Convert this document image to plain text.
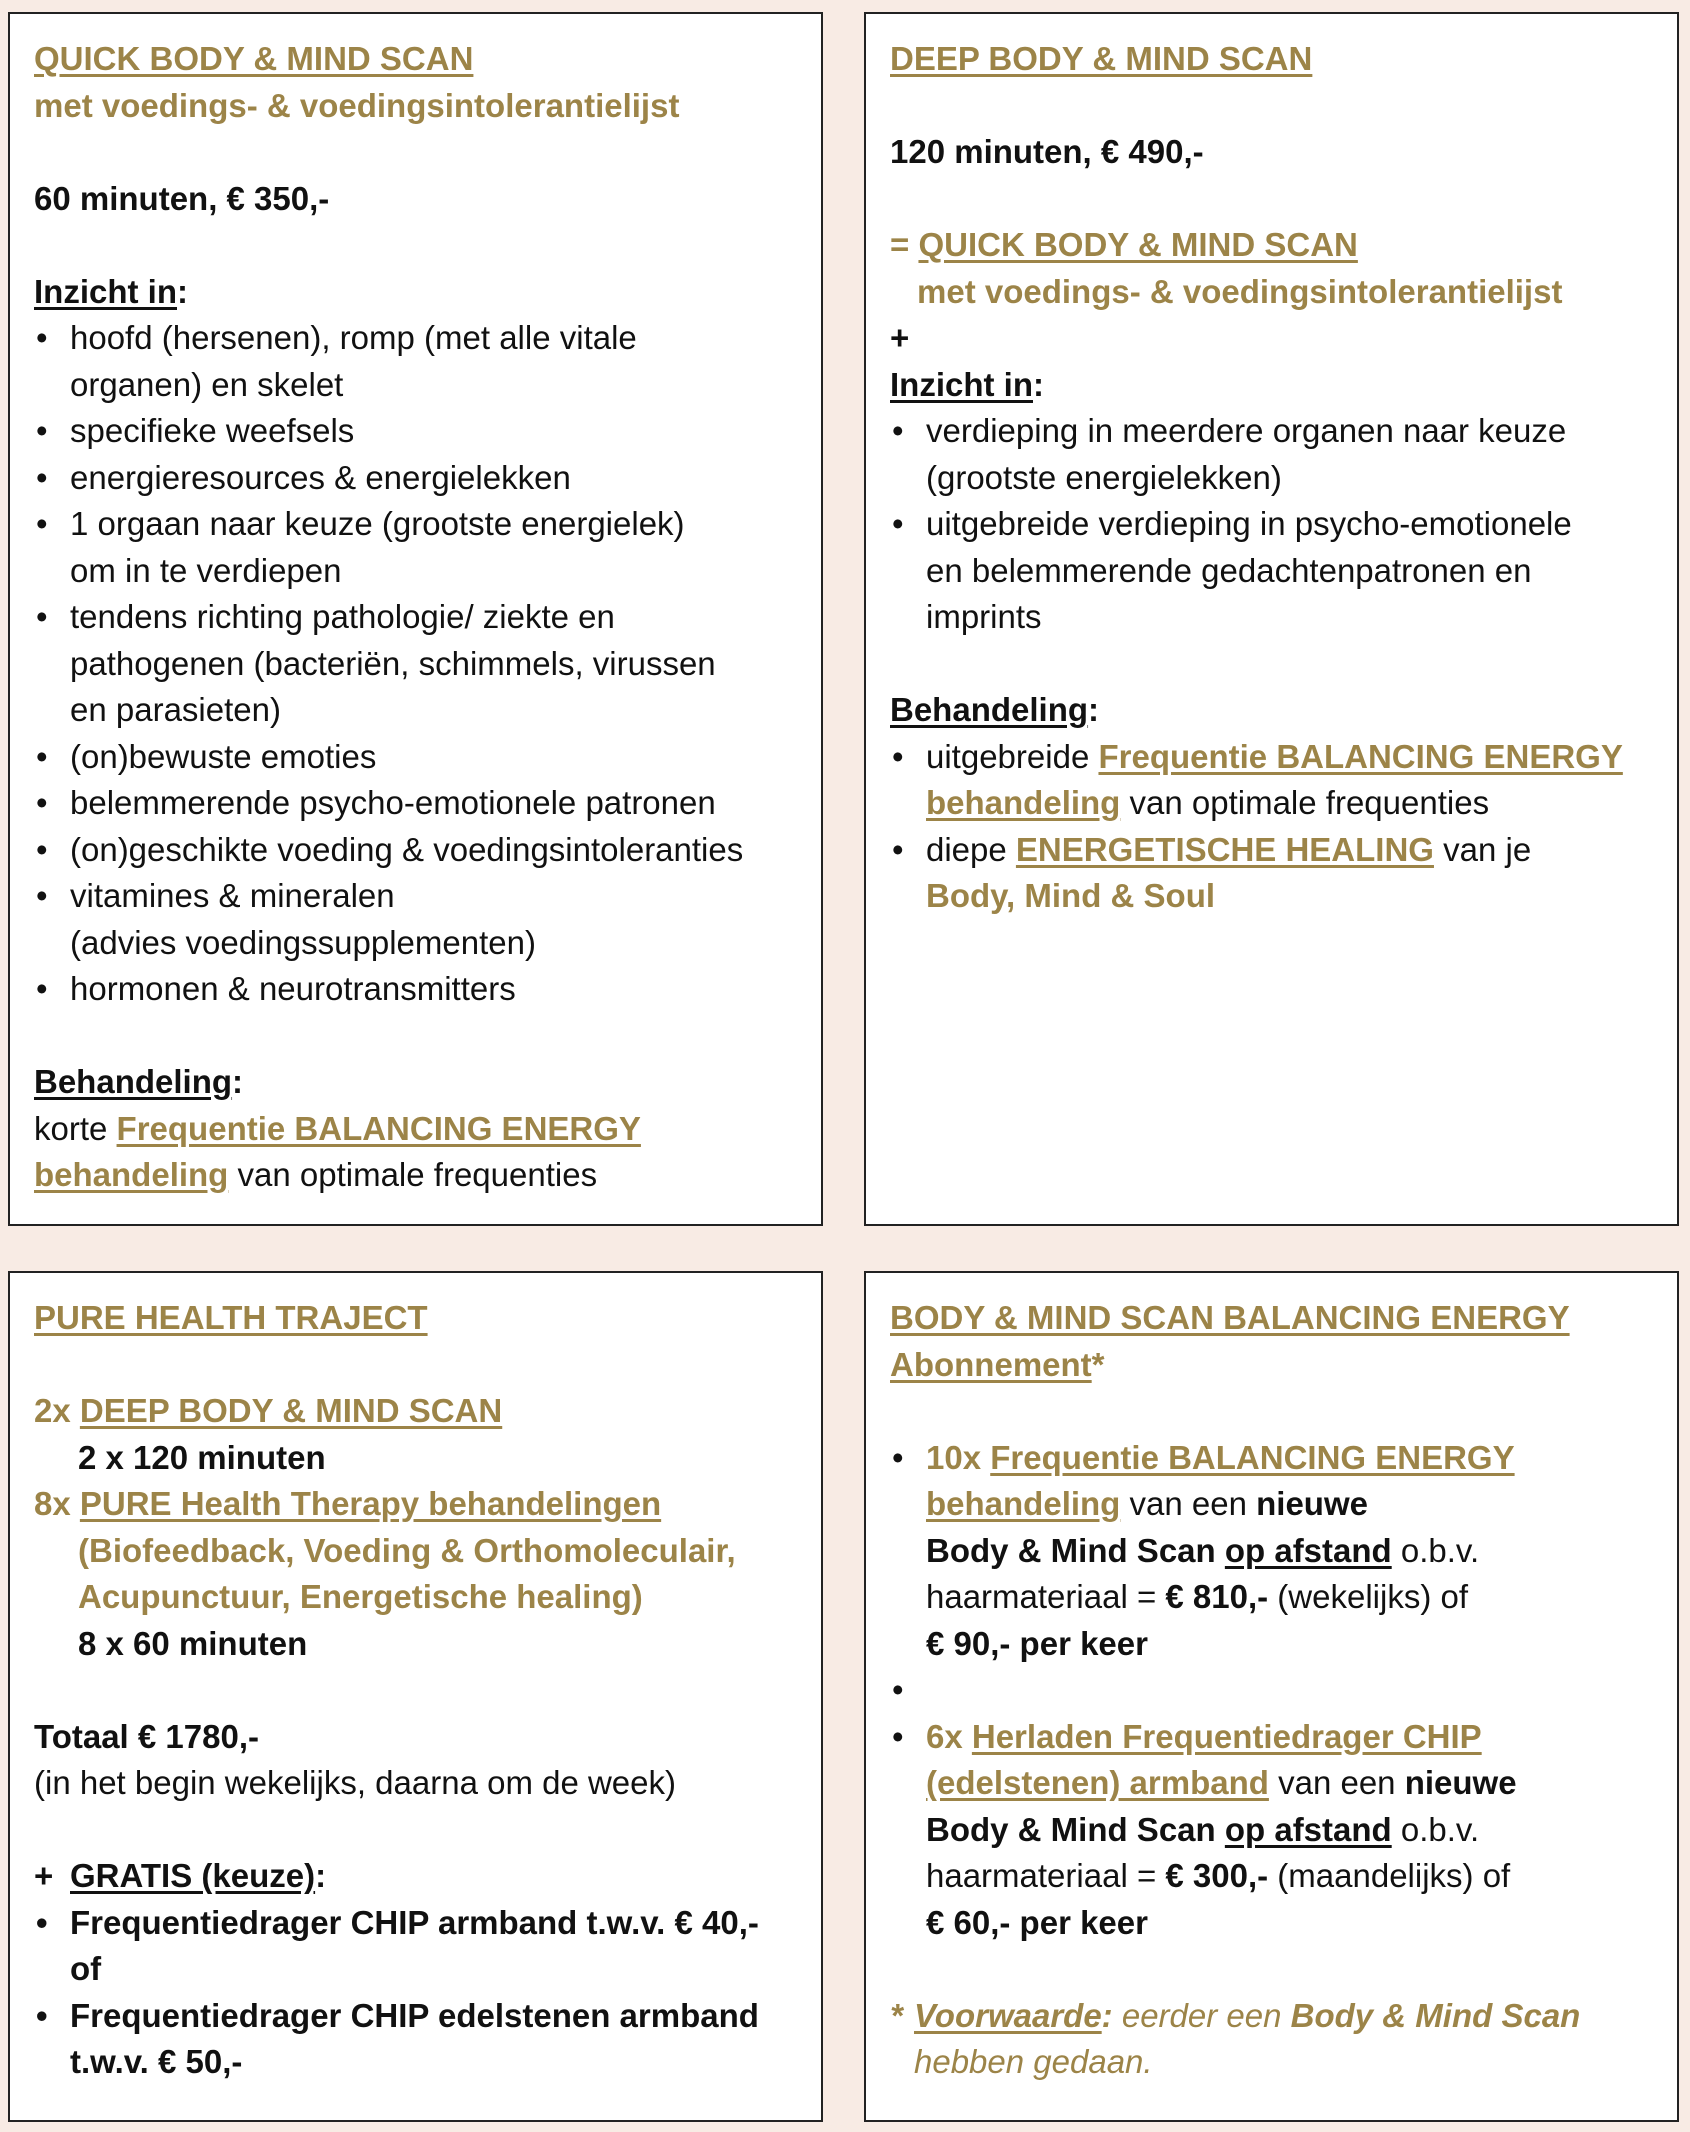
QUICK BODY & MIND SCAN
met voedings- & voedingsintolerantielijst
60 minuten, € 350,-
Inzicht in:
• hoofd (hersenen), romp (met alle vitale
organen) en skelet
• specifieke weefsels
• energieresources & energielekken
• 1 orgaan naar keuze (grootste energielek)
om in te verdiepen
• tendens richting pathologie/ ziekte en
pathogenen (bacteriën, schimmels, virussen
en parasieten)
• (on)bewuste emoties
• belemmerende psycho-emotionele patronen
• (on)geschikte voeding & voedingsintoleranties
• vitamines & mineralen
(advies voedingssupplementen)
• hormonen & neurotransmitters
Behandeling:
korte Frequentie BALANCING ENERGY
behandeling van optimale frequenties
DEEP BODY & MIND SCAN
120 minuten, € 490,-
= QUICK BODY & MIND SCAN
met voedings- & voedingsintolerantielijst
+
Inzicht in:
• verdieping in meerdere organen naar keuze
(grootste energielekken)
• uitgebreide verdieping in psycho-emotionele
en belemmerende gedachtenpatronen en
imprints
Behandeling:
• uitgebreide Frequentie BALANCING ENERGY
behandeling van optimale frequenties
• diepe ENERGETISCHE HEALING van je
Body, Mind & Soul
PURE HEALTH TRAJECT
2x DEEP BODY & MIND SCAN
2 x 120 minuten
8x PURE Health Therapy behandelingen
(Biofeedback, Voeding & Orthomoleculair,
Acupunctuur, Energetische healing)
8 x 60 minuten
Totaal € 1780,-
(in het begin wekelijks, daarna om de week)
+ GRATIS (keuze):
• Frequentiedrager CHIP armband t.w.v. € 40,-
of
• Frequentiedrager CHIP edelstenen armband
t.w.v. € 50,-
BODY & MIND SCAN BALANCING ENERGY
Abonnement*
• 10x Frequentie BALANCING ENERGY
behandeling van een nieuwe
Body & Mind Scan op afstand o.b.v.
haarmateriaal = € 810,- (wekelijks) of
€ 90,- per keer
•
• 6x Herladen Frequentiedrager CHIP
(edelstenen) armband van een nieuwe
Body & Mind Scan op afstand o.b.v.
haarmateriaal = € 300,- (maandelijks) of
€ 60,- per keer
* Voorwaarde: eerder een Body & Mind Scan
hebben gedaan.
